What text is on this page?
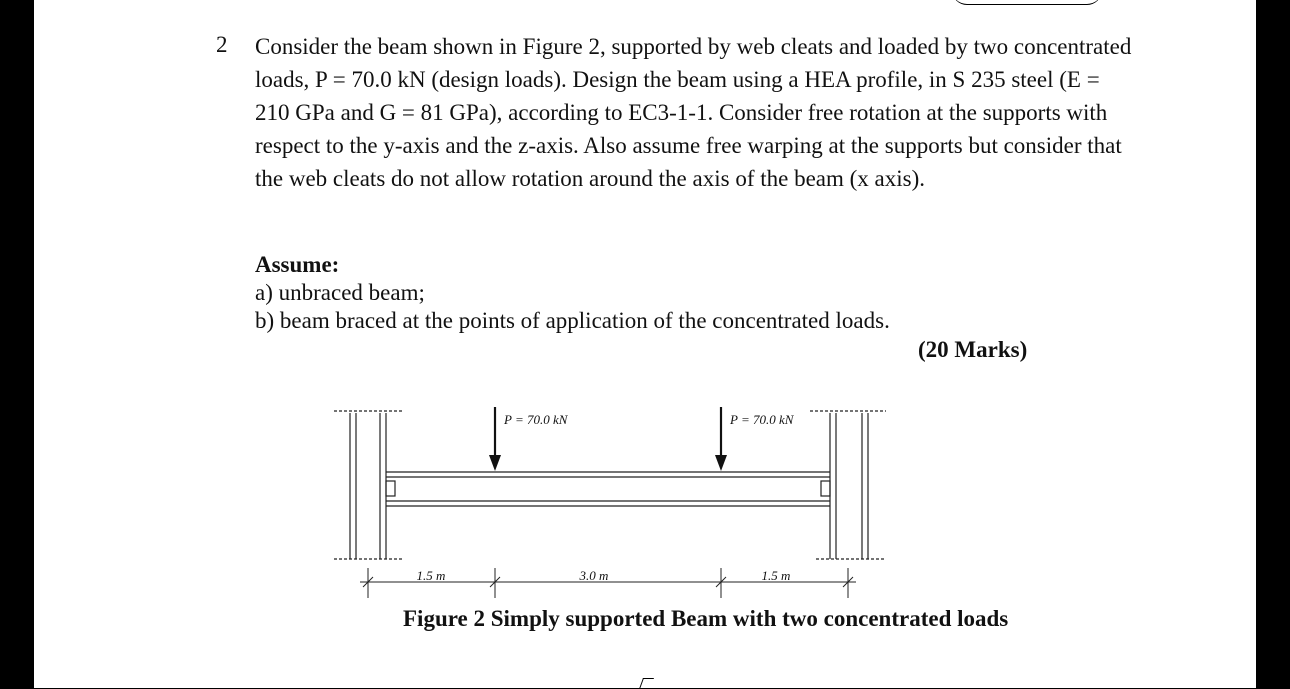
2 Consider the beam shown in Figure 2, supported by web cleats and loaded by two concentrated loads, P = 70.0 kN (design loads). Design the beam using a HEA profile, in S 235 steel (E = 210 GPa and G = 81 GPa), according to EC3-1-1. Consider free rotation at the supports with respect to the y-axis and the z-axis. Also assume free warping at the supports but consider that the web cleats do not allow rotation around the axis of the beam (x axis).

Assume:

a) unbraced beam;

b) beam braced at the points of application of the concentrated loads.

(20 Marks)
P = 70.0 kN	P = 70.0 kN
1.5 m	3.0 m	1.5 m
Figure 2 Simply supported Beam with two concentrated loads
